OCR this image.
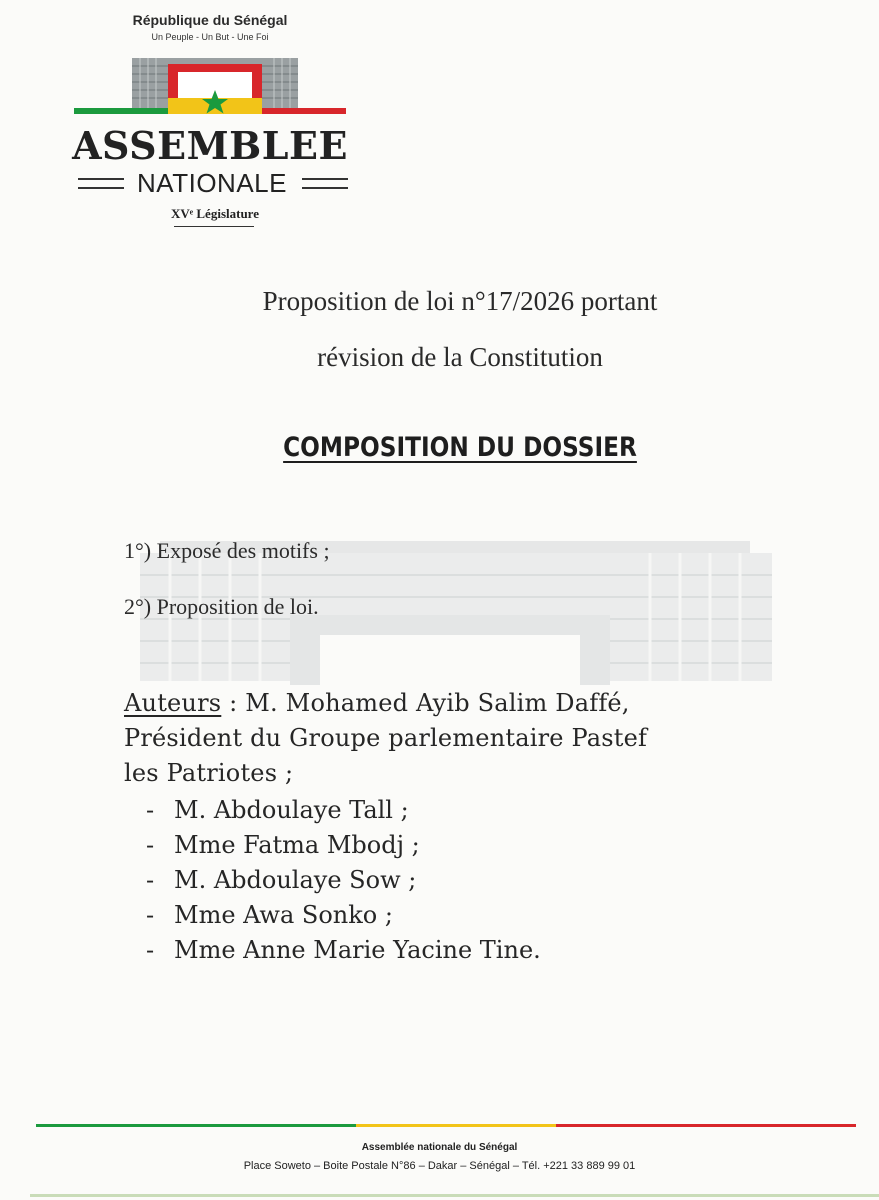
République du Sénégal
Un Peuple - Un But - Une Foi
ASSEMBLEE
NATIONALE
XVᵉ Législature
Proposition de loi n°17/2026 portant
révision de la Constitution
COMPOSITION DU DOSSIER
1°) Exposé des motifs ;
2°) Proposition de loi.
Auteurs : M. Mohamed Ayib Salim Daffé,
Président du Groupe parlementaire Pastef
les Patriotes ;
- M. Abdoulaye Tall ;
- Mme Fatma Mbodj ;
- M. Abdoulaye Sow ;
- Mme Awa Sonko ;
- Mme Anne Marie Yacine Tine.
Assemblée nationale du Sénégal
Place Soweto – Boite Postale N°86 – Dakar – Sénégal – Tél. +221 33 889 99 01
